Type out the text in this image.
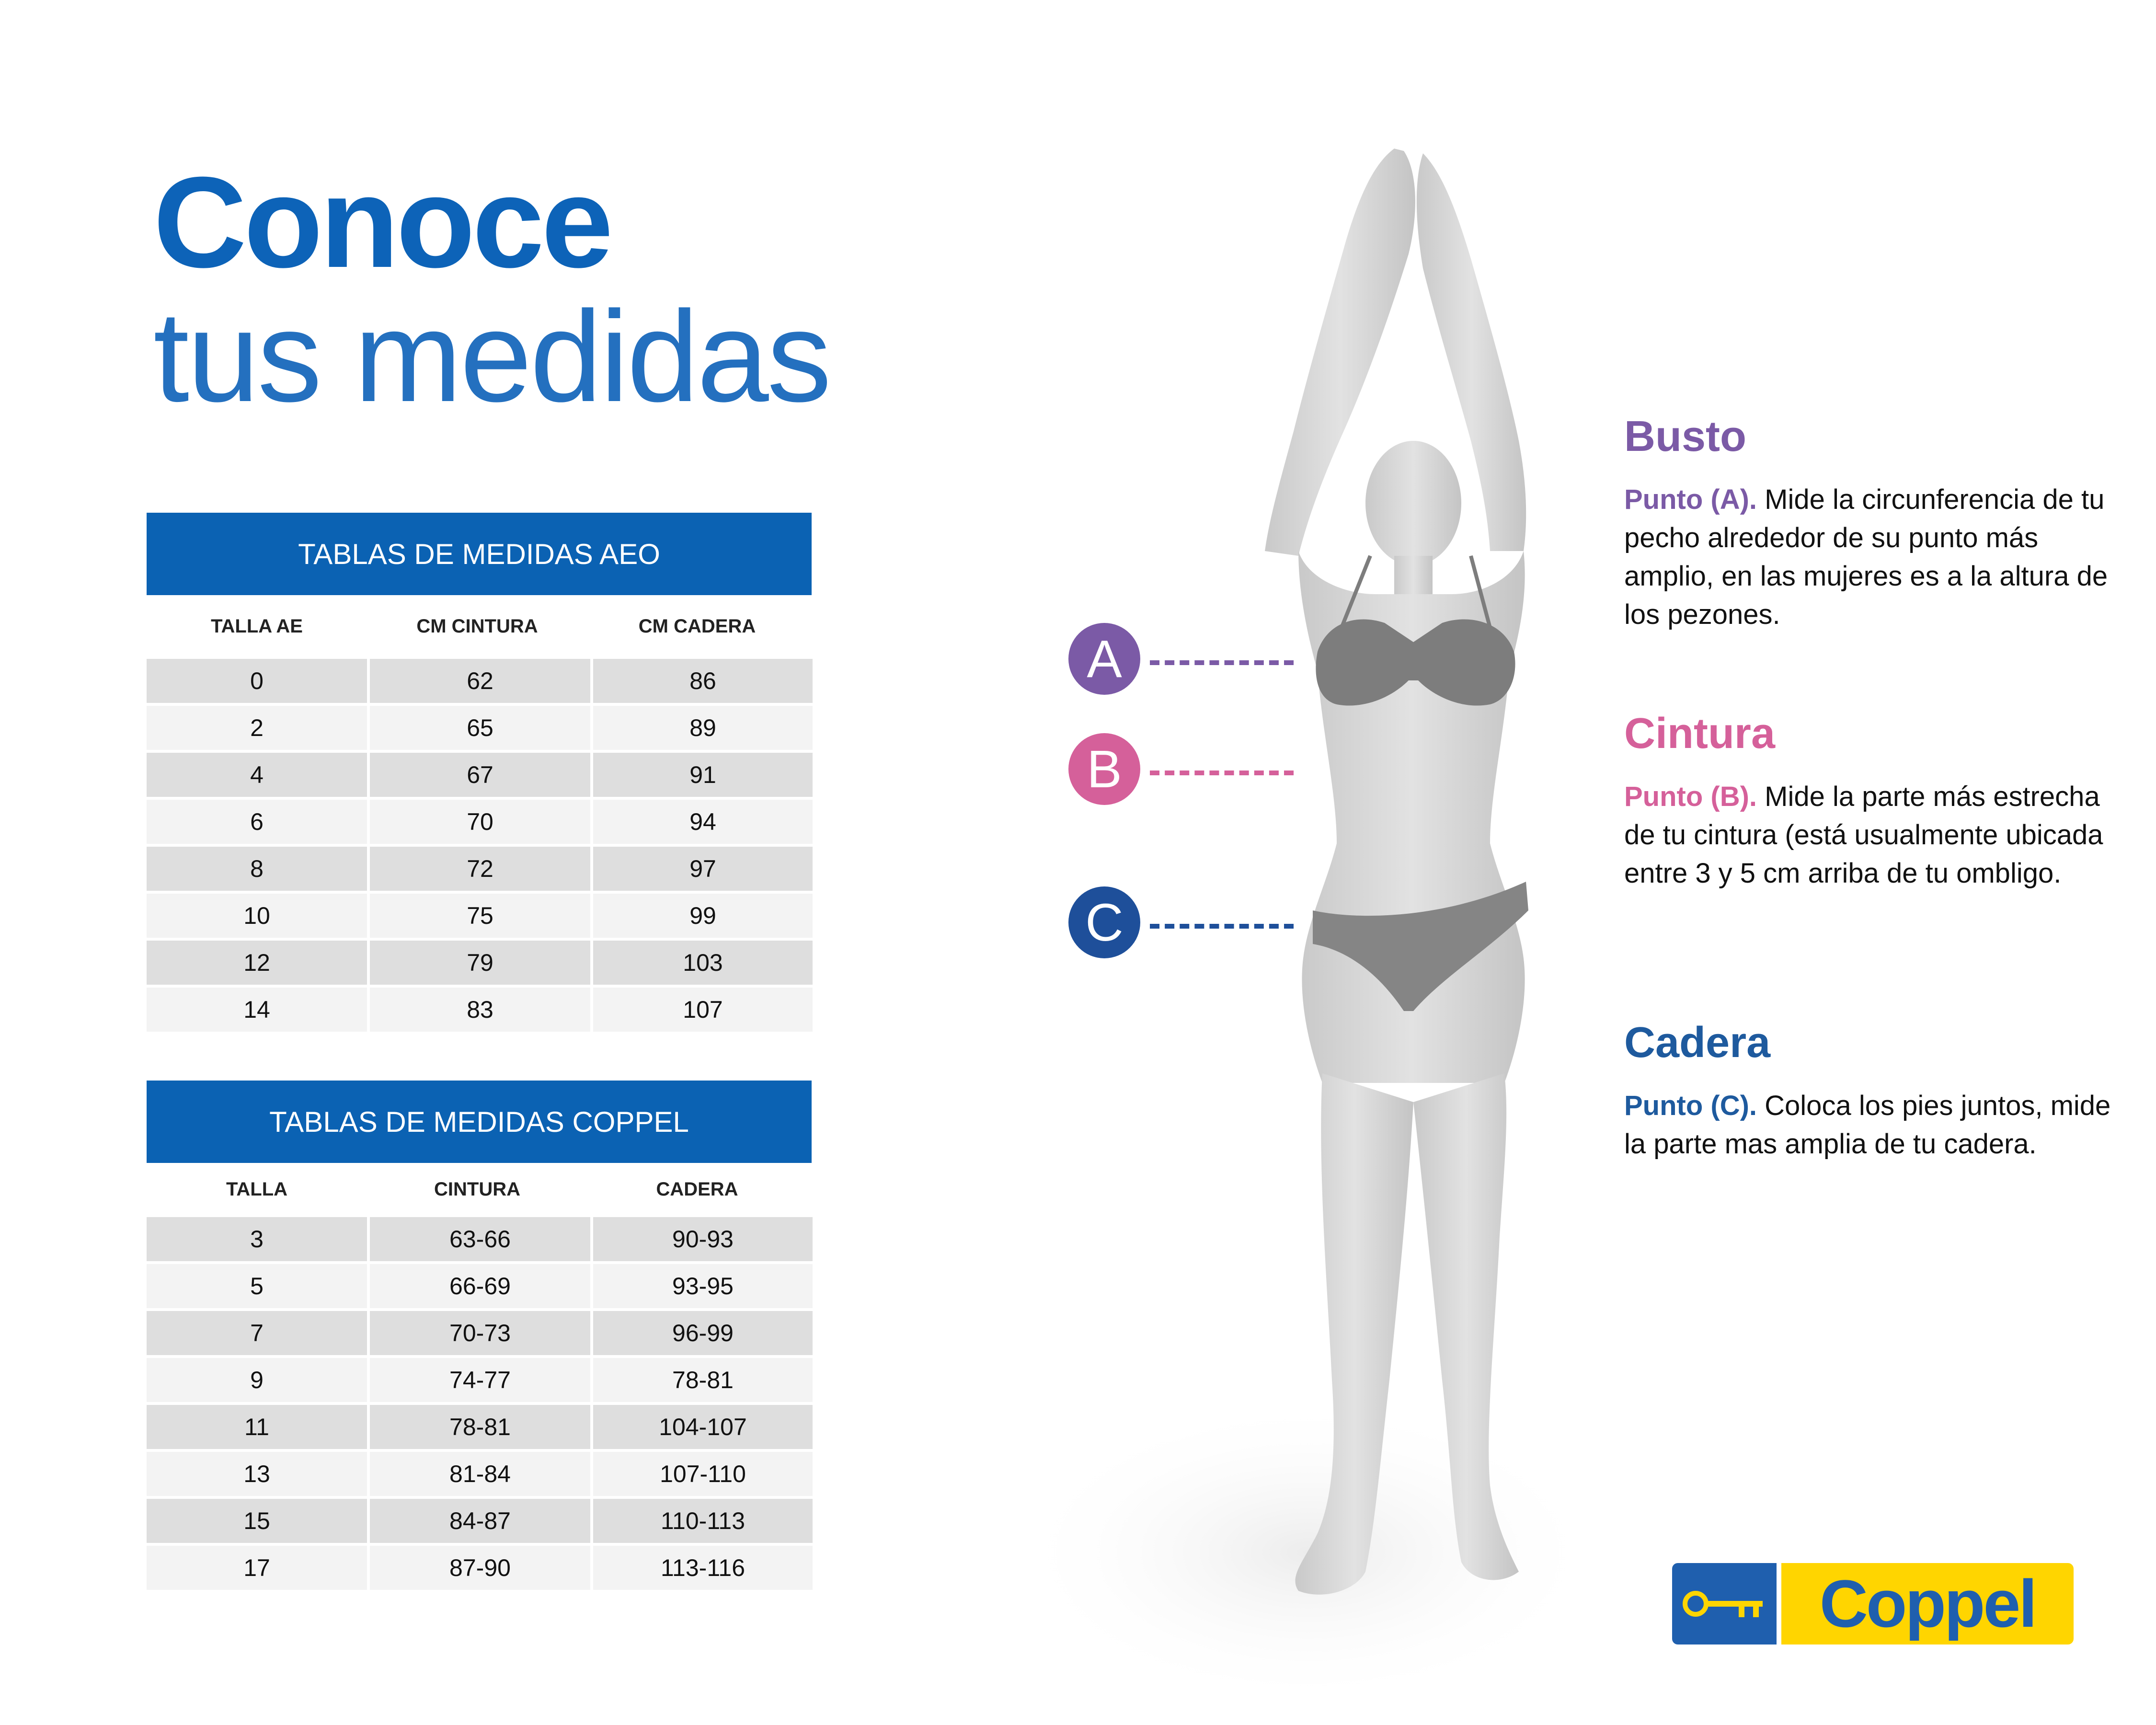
Conoce
tus medidas
TABLAS DE MEDIDAS AEO
TALLA AE	CM CINTURA	CM CADERA
0	62	86
2	65	89
4	67	91
6	70	94
8	72	97
10	75	99
12	79	103
14	83	107
TABLAS DE MEDIDAS COPPEL
TALLA	CINTURA	CADERA
3	63-66	90-93
5	66-69	93-95
7	70-73	96-99
9	74-77	78-81
11	78-81	104-107
13	81-84	107-110
15	84-87	110-113
17	87-90	113-116
A
B
C
Busto
Punto (A). Mide la circunferencia de tu pecho alrededor de su punto más amplio, en las mujeres es a la altura de los pezones.
Cintura
Punto (B). Mide la parte más estrecha de tu cintura (está usualmente ubicada entre 3 y 5 cm arriba de tu ombligo.
Cadera
Punto (C). Coloca los pies juntos, mide la parte mas amplia de tu cadera.
Coppel
